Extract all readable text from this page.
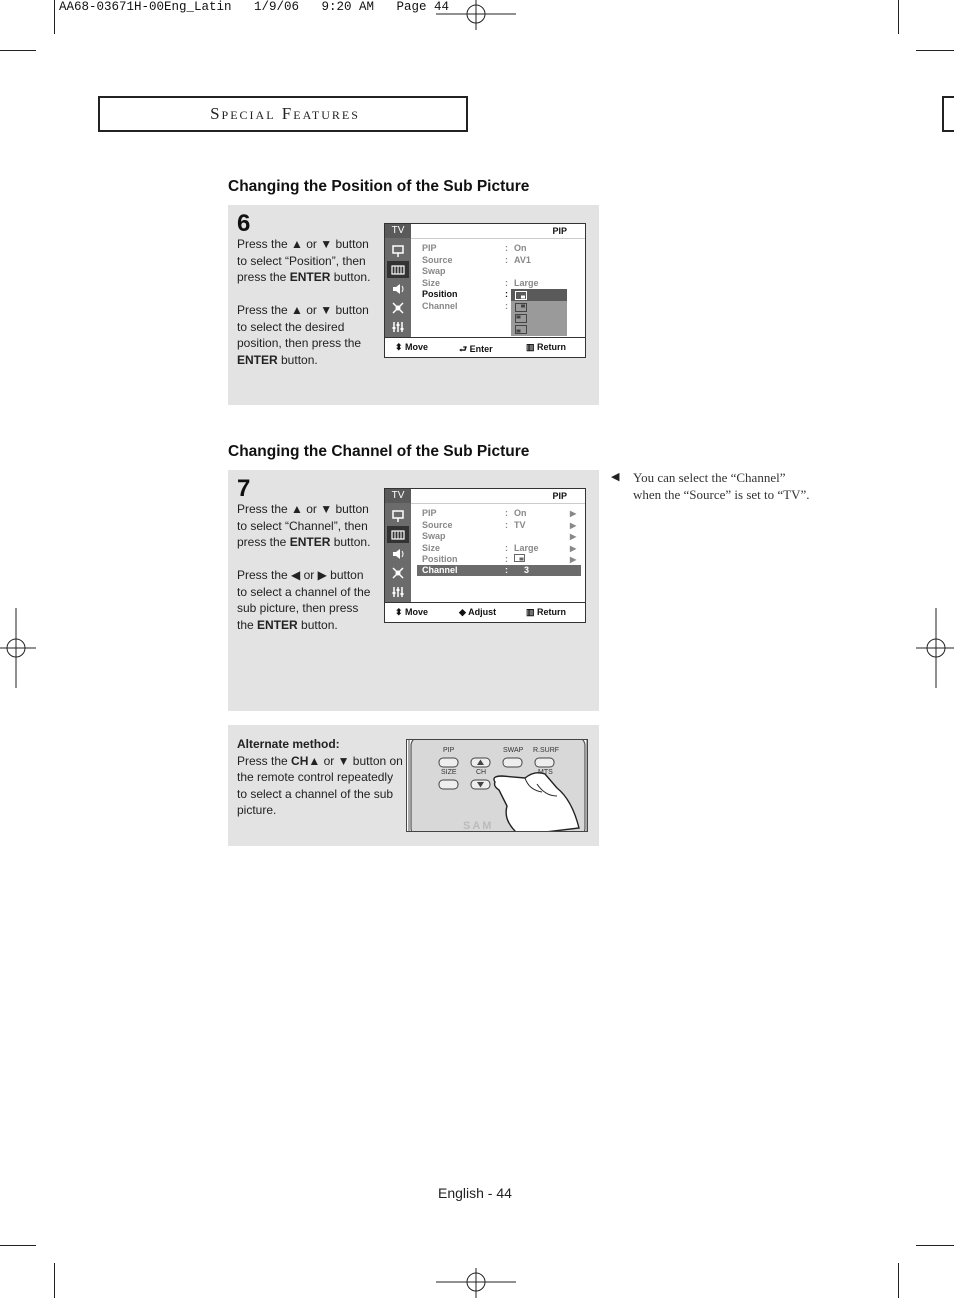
AA68-03671H-00Eng_Latin   1/9/06   9:20 AM   Page 44
Special Features
Changing the Position of the Sub Picture
6
Press the ▲ or ▼ button
to select “Position”, then
press the ENTER button.
Press the ▲ or ▼ button
to select the desired
position, then press the
ENTER button.
TV	PIP
PIP	: On
Source	: AV1
Swap
Size	: Large
Position	:
Channel	:
⬍ Move	⮐ Enter	▥ Return
Changing the Channel of the Sub Picture
7
Press the ▲ or ▼ button
to select “Channel”, then
press the ENTER button.
Press the ◀ or ▶ button
to select a channel of the
sub picture, then press
the ENTER button.
TV	PIP
PIP	: On	▶
Source	: TV	▶
Swap	▶
Size	: Large	▶
Position	:	▶
Channel	: 3
⬍ Move	◆ Adjust	▥ Return
◀ You can select the “Channel”
when the “Source” is set to “TV”.
Alternate method:
Press the CH▲ or ▼ button on
the remote control repeatedly
to select a channel of the sub
picture.
PIP	SWAP R.SURF
SIZE	CH	MTS
SAM
English - 44
